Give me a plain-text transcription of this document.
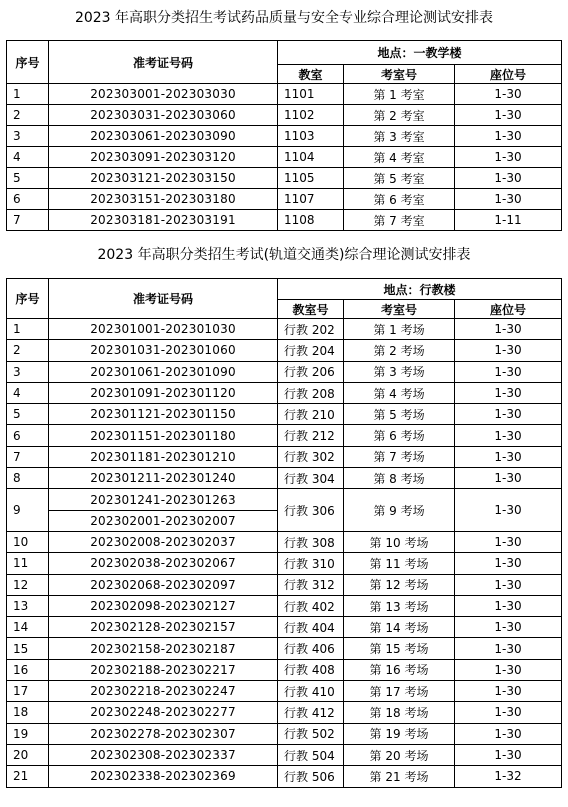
2023 年高职分类招生考试药品质量与安全专业综合理论测试安排表
序号	准考证号码	地点：一教学楼		
		教室	考室号	座位号
1	202303001-202303030	1101	第 1 考室	1-30
2	202303031-202303060	1102	第 2 考室	1-30
3	202303061-202303090	1103	第 3 考室	1-30
4	202303091-202303120	1104	第 4 考室	1-30
5	202303121-202303150	1105	第 5 考室	1-30
6	202303151-202303180	1107	第 6 考室	1-30
7	202303181-202303191	1108	第 7 考室	1-11
2023 年高职分类招生考试(轨道交通类)综合理论测试安排表
序号	准考证号码	地点：行教楼		
		教室号	考室号	座位号
1	202301001-202301030	行教 202	第 1 考场	1-30
2	202301031-202301060	行教 204	第 2 考场	1-30
3	202301061-202301090	行教 206	第 3 考场	1-30
4	202301091-202301120	行教 208	第 4 考场	1-30
5	202301121-202301150	行教 210	第 5 考场	1-30
6	202301151-202301180	行教 212	第 6 考场	1-30
7	202301181-202301210	行教 302	第 7 考场	1-30
8	202301211-202301240	行教 304	第 8 考场	1-30
9	202301241-202301263	行教 306	第 9 考场	1-30
	202302001-202302007			
10	202302008-202302037	行教 308	第 10 考场	1-30
11	202302038-202302067	行教 310	第 11 考场	1-30
12	202302068-202302097	行教 312	第 12 考场	1-30
13	202302098-202302127	行教 402	第 13 考场	1-30
14	202302128-202302157	行教 404	第 14 考场	1-30
15	202302158-202302187	行教 406	第 15 考场	1-30
16	202302188-202302217	行教 408	第 16 考场	1-30
17	202302218-202302247	行教 410	第 17 考场	1-30
18	202302248-202302277	行教 412	第 18 考场	1-30
19	202302278-202302307	行教 502	第 19 考场	1-30
20	202302308-202302337	行教 504	第 20 考场	1-30
21	202302338-202302369	行教 506	第 21 考场	1-32
